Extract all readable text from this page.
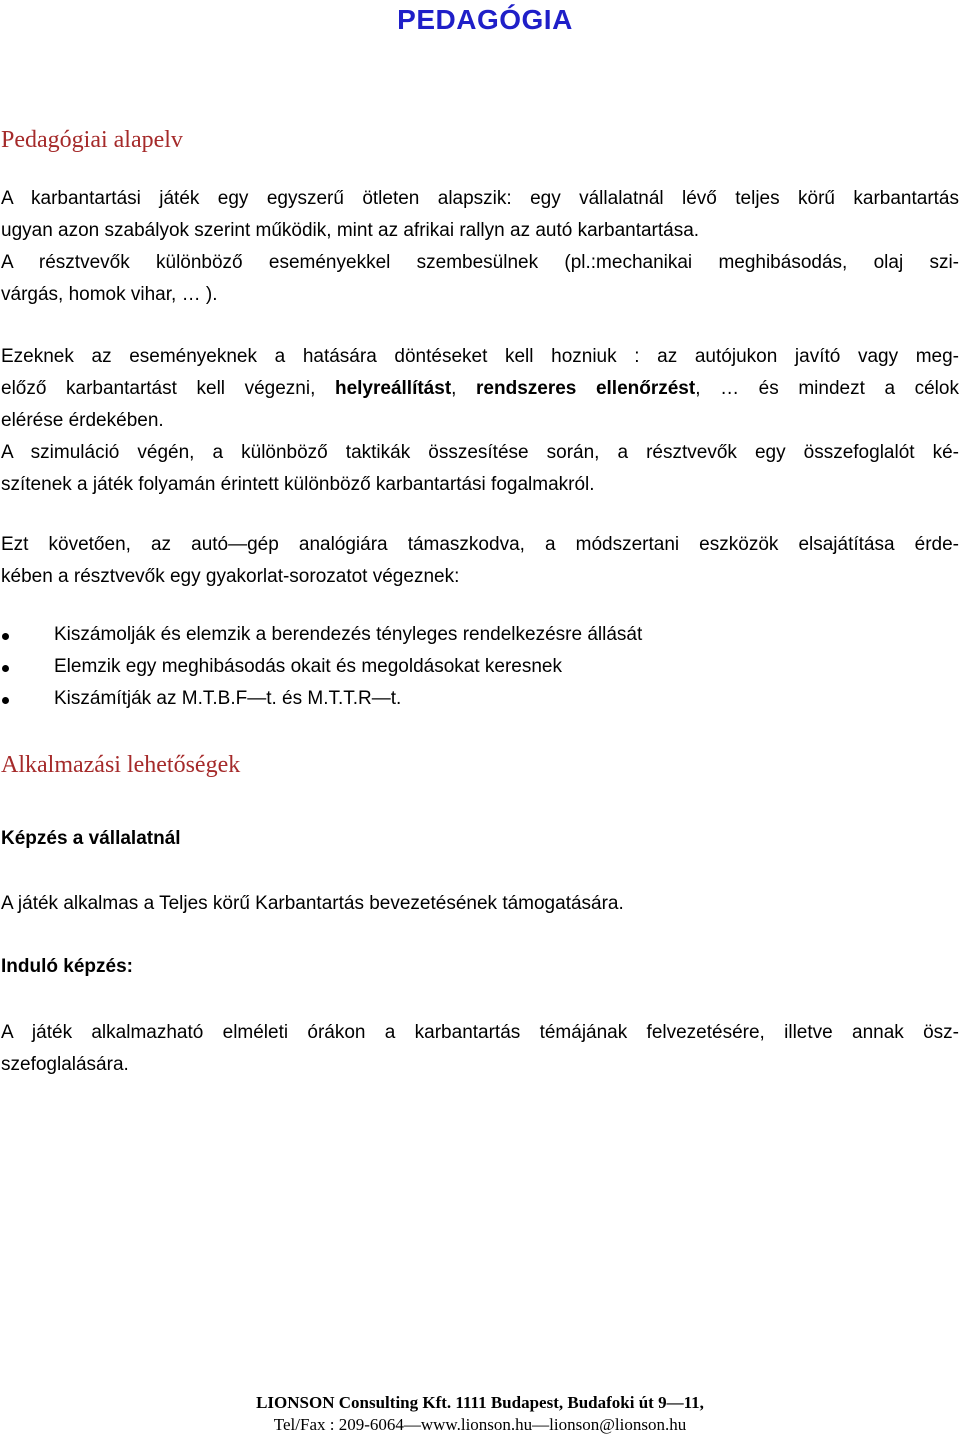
PEDAGÓGIA
Pedagógiai alapelv
A karbantartási játék egy egyszerű ötleten alapszik: egy vállalatnál lévő teljes körű karbantartás
ugyan azon szabályok szerint működik, mint az afrikai rallyn az autó karbantartása.
A résztvevők különböző eseményekkel szembesülnek (pl.:mechanikai meghibásodás, olaj szi-
várgás, homok vihar, … ).
Ezeknek az eseményeknek a hatására döntéseket kell hozniuk : az autójukon javító vagy meg-
előző karbantartást kell végezni, helyreállítást, rendszeres ellenőrzést, … és mindezt a célok
elérése érdekében.
A szimuláció végén, a különböző taktikák összesítése során, a résztvevők egy összefoglalót ké-
szítenek a játék folyamán érintett különböző karbantartási fogalmakról.
Ezt követően, az autó—gép analógiára támaszkodva, a módszertani eszközök elsajátítása érde-
kében a résztvevők egy gyakorlat-sorozatot végeznek:
Kiszámolják és elemzik a berendezés tényleges rendelkezésre állását
Elemzik egy meghibásodás okait és megoldásokat keresnek
Kiszámítják az M.T.B.F—t. és M.T.T.R—t.
Alkalmazási lehetőségek
Képzés a vállalatnál
A játék alkalmas a Teljes körű Karbantartás bevezetésének támogatására.
Induló képzés:
A játék alkalmazható elméleti órákon a karbantartás témájának felvezetésére, illetve annak ösz-
szefoglalására.
LIONSON Consulting Kft. 1111 Budapest, Budafoki út 9—11,
Tel/Fax : 209-6064—www.lionson.hu—lionson@lionson.hu
